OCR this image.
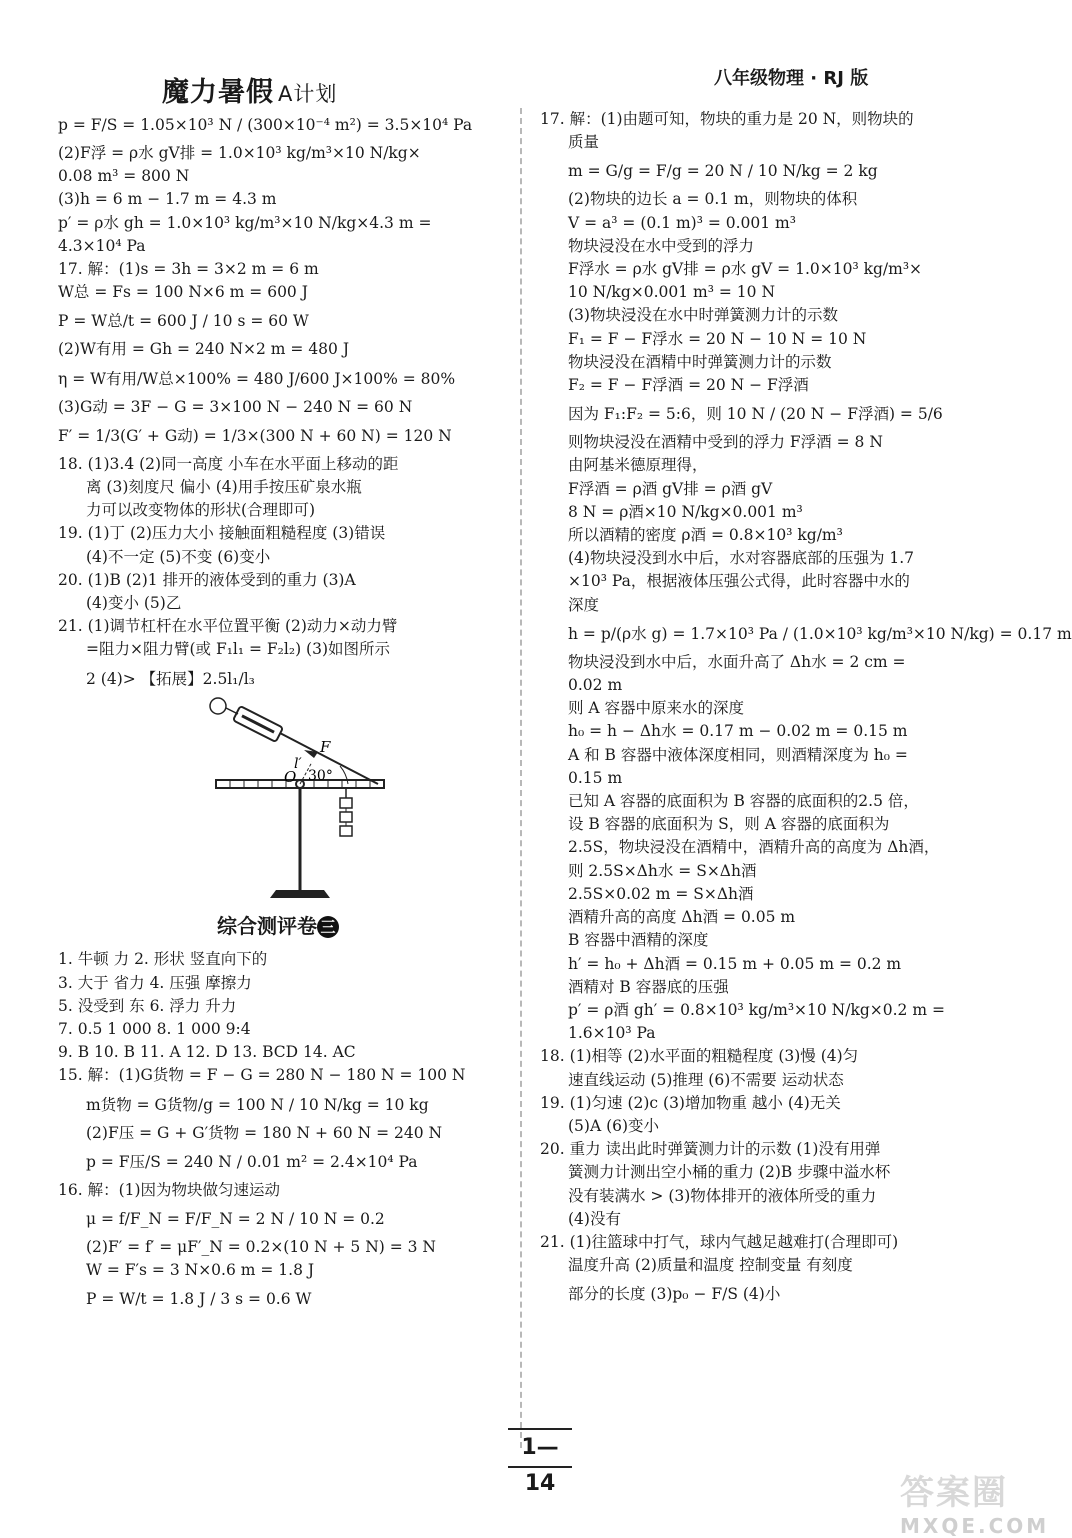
魔力暑假 A计划
八年级物理 · RJ 版
p = F/S = 1.05×10³ N / (300×10⁻⁴ m²) = 3.5×10⁴ Pa
(2)F浮 = ρ水 gV排 = 1.0×10³ kg/m³×10 N/kg×
0.08 m³ = 800 N
(3)h = 6 m − 1.7 m = 4.3 m
p′ = ρ水 gh = 1.0×10³ kg/m³×10 N/kg×4.3 m =
4.3×10⁴ Pa
17. 解：(1)s = 3h = 3×2 m = 6 m
W总 = Fs = 100 N×6 m = 600 J
P = W总/t = 600 J / 10 s = 60 W
(2)W有用 = Gh = 240 N×2 m = 480 J
η = W有用/W总×100% = 480 J/600 J×100% = 80%
(3)G动 = 3F − G = 3×100 N − 240 N = 60 N
F′ = 1/3(G′ + G动) = 1/3×(300 N + 60 N) = 120 N
18. (1)3.4 (2)同一高度 小车在水平面上移动的距
离 (3)刻度尺 偏小 (4)用手按压矿泉水瓶
力可以改变物体的形状(合理即可)
19. (1)丁 (2)压力大小 接触面粗糙程度 (3)错误
(4)不一定 (5)不变 (6)变小
20. (1)B (2)1 排开的液体受到的重力 (3)A
(4)变小 (5)乙
21. (1)调节杠杆在水平位置平衡 (2)动力×动力臂
=阻力×阻力臂(或 F₁l₁ = F₂l₂) (3)如图所示
2 (4)> 【拓展】2.5l₁/l₃
F
l′
O 30°
综合测评卷 三
1. 牛顿 力 2. 形状 竖直向下的
3. 大于 省力 4. 压强 摩擦力
5. 没受到 东 6. 浮力 升力
7. 0.5 1 000 8. 1 000 9:4
9. B 10. B 11. A 12. D 13. BCD 14. AC
15. 解：(1)G货物 = F − G = 280 N − 180 N = 100 N
m货物 = G货物/g = 100 N / 10 N/kg = 10 kg
(2)F压 = G + G′货物 = 180 N + 60 N = 240 N
p = F压/S = 240 N / 0.01 m² = 2.4×10⁴ Pa
16. 解：(1)因为物块做匀速运动
μ = f/F_N = F/F_N = 2 N / 10 N = 0.2
(2)F′ = f′ = μF′_N = 0.2×(10 N + 5 N) = 3 N
W = F′s = 3 N×0.6 m = 1.8 J
P = W/t = 1.8 J / 3 s = 0.6 W
17. 解：(1)由题可知，物块的重力是 20 N，则物块的
质量
m = G/g = F/g = 20 N / 10 N/kg = 2 kg
(2)物块的边长 a = 0.1 m，则物块的体积
V = a³ = (0.1 m)³ = 0.001 m³
物块浸没在水中受到的浮力
F浮水 = ρ水 gV排 = ρ水 gV = 1.0×10³ kg/m³×
10 N/kg×0.001 m³ = 10 N
(3)物块浸没在水中时弹簧测力计的示数
F₁ = F − F浮水 = 20 N − 10 N = 10 N
物块浸没在酒精中时弹簧测力计的示数
F₂ = F − F浮酒 = 20 N − F浮酒
因为 F₁:F₂ = 5:6，则 10 N / (20 N − F浮酒) = 5/6
则物块浸没在酒精中受到的浮力 F浮酒 = 8 N
由阿基米德原理得，
F浮酒 = ρ酒 gV排 = ρ酒 gV
8 N = ρ酒×10 N/kg×0.001 m³
所以酒精的密度 ρ酒 = 0.8×10³ kg/m³
(4)物块浸没到水中后，水对容器底部的压强为 1.7
×10³ Pa，根据液体压强公式得，此时容器中水的
深度
h = p/(ρ水 g) = 1.7×10³ Pa / (1.0×10³ kg/m³×10 N/kg) = 0.17 m
物块浸没到水中后，水面升高了 Δh水 = 2 cm =
0.02 m
则 A 容器中原来水的深度
h₀ = h − Δh水 = 0.17 m − 0.02 m = 0.15 m
A 和 B 容器中液体深度相同，则酒精深度为 h₀ =
0.15 m
已知 A 容器的底面积为 B 容器的底面积的2.5 倍，
设 B 容器的底面积为 S，则 A 容器的底面积为
2.5S，物块浸没在酒精中，酒精升高的高度为 Δh酒，
则 2.5S×Δh水 = S×Δh酒
2.5S×0.02 m = S×Δh酒
酒精升高的高度 Δh酒 = 0.05 m
B 容器中酒精的深度
h′ = h₀ + Δh酒 = 0.15 m + 0.05 m = 0.2 m
酒精对 B 容器底的压强
p′ = ρ酒 gh′ = 0.8×10³ kg/m³×10 N/kg×0.2 m =
1.6×10³ Pa
18. (1)相等 (2)水平面的粗糙程度 (3)慢 (4)匀
速直线运动 (5)推理 (6)不需要 运动状态
19. (1)匀速 (2)c (3)增加物重 越小 (4)无关
(5)A (6)变小
20. 重力 读出此时弹簧测力计的示数 (1)没有用弹
簧测力计测出空小桶的重力 (2)B 步骤中溢水杯
没有装满水 > (3)物体排开的液体所受的重力
(4)没有
21. (1)往篮球中打气，球内气越足越难打(合理即可)
温度升高 (2)质量和温度 控制变量 有刻度
部分的长度 (3)p₀ − F/S (4)小
1—14	答案圈
MXQE.COM
